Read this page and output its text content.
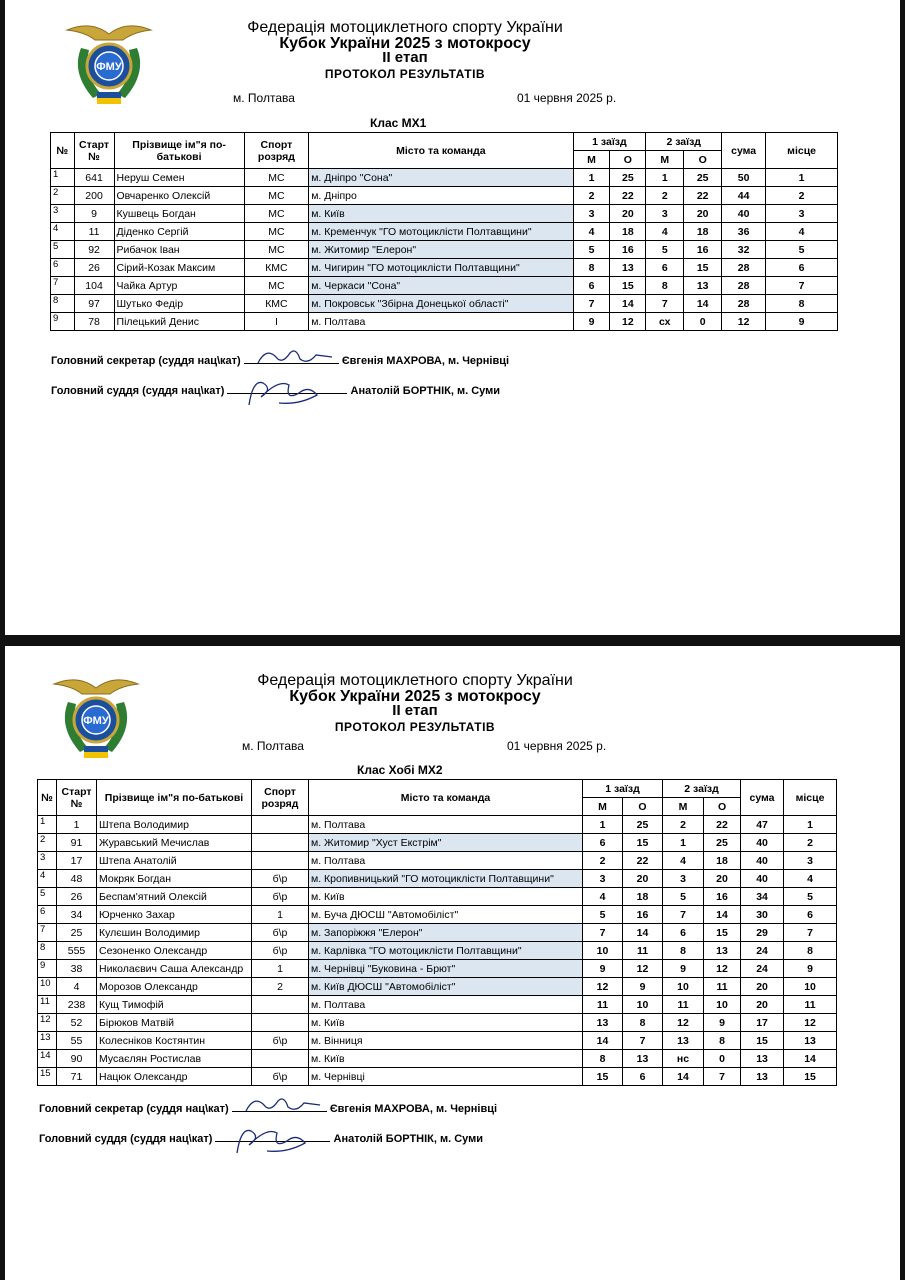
ФМУ
Федерація мотоциклетного спорту України
Кубок України 2025 з мотокросу
II етап
ПРОТОКОЛ РЕЗУЛЬТАТІВ
м. Полтава	01 червня 2025 р.
Клас МХ1
№	Старт №	Прізвище ім"я по-батькові	Спорт розряд	Місто та команда	1 заїзд		2 заїзд		сума	місце
					М	О	М	О		
1	641	Неруш Семен	МС	м. Дніпро "Сона"	1	25	1	25	50	1
2	200	Овчаренко Олексій	МС	м. Дніпро	2	22	2	22	44	2
3	9	Кушвець Богдан	МС	м. Київ	3	20	3	20	40	3
4	11	Діденко Сергій	МС	м. Кременчук "ГО мотоциклісти Полтавщини"	4	18	4	18	36	4
5	92	Рибачок Іван	МС	м. Житомир "Елерон"	5	16	5	16	32	5
6	26	Сірий-Козак Максим	КМС	м. Чигирин "ГО мотоциклісти Полтавщини"	8	13	6	15	28	6
7	104	Чайка Артур	МС	м. Черкаси "Сона"	6	15	8	13	28	7
8	97	Шутько Федір	КМС	м. Покровськ "Збірна Донецької області"	7	14	7	14	28	8
9	78	Пілецький Денис	I	м. Полтава	9	12	сх	0	12	9
Головний секретар (суддя нац\кат)	Євгенія МАХРОВА, м. Чернівці
Головний суддя (суддя нац\кат)	Анатолій БОРТНІК, м. Суми
ФМУ
Федерація мотоциклетного спорту України
Кубок України 2025 з мотокросу
II етап
ПРОТОКОЛ РЕЗУЛЬТАТІВ
м. Полтава	01 червня 2025 р.
Клас Хобі МХ2
№	Старт №	Прізвище ім"я по-батькові	Спорт розряд	Місто та команда	1 заїзд		2 заїзд		сума	місце
					М	О	М	О		
1	1	Штепа Володимир		м. Полтава	1	25	2	22	47	1
2	91	Журавський Мечислав		м. Житомир "Хуст Екстрім"	6	15	1	25	40	2
3	17	Штепа Анатолій		м. Полтава	2	22	4	18	40	3
4	48	Мокряк Богдан	б\р	м. Кропивницький "ГО мотоциклісти Полтавщини"	3	20	3	20	40	4
5	26	Беспам'ятний Олексій	б\р	м. Київ	4	18	5	16	34	5
6	34	Юрченко Захар	1	м. Буча ДЮСШ "Автомобіліст"	5	16	7	14	30	6
7	25	Кулєшин Володимир	б\р	м. Запоріжжя "Елерон"	7	14	6	15	29	7
8	555	Сезоненко Олександр	б\р	м. Карлівка "ГО мотоциклісти Полтавщини"	10	11	8	13	24	8
9	38	Николаєвич Саша Александр	1	м. Чернівці "Буковина - Брют"	9	12	9	12	24	9
10	4	Морозов Олександр	2	м. Київ ДЮСШ "Автомобіліст"	12	9	10	11	20	10
11	238	Кущ Тимофій		м. Полтава	11	10	11	10	20	11
12	52	Бірюков Матвій		м. Київ	13	8	12	9	17	12
13	55	Колесніков Костянтин	б\р	м. Вінниця	14	7	13	8	15	13
14	90	Мусаєлян Ростислав		м. Київ	8	13	нс	0	13	14
15	71	Нацюк Олександр	б\р	м. Чернівці	15	6	14	7	13	15
Головний секретар (суддя нац\кат)	Євгенія МАХРОВА, м. Чернівці
Головний суддя (суддя нац\кат)	Анатолій БОРТНІК, м. Суми
